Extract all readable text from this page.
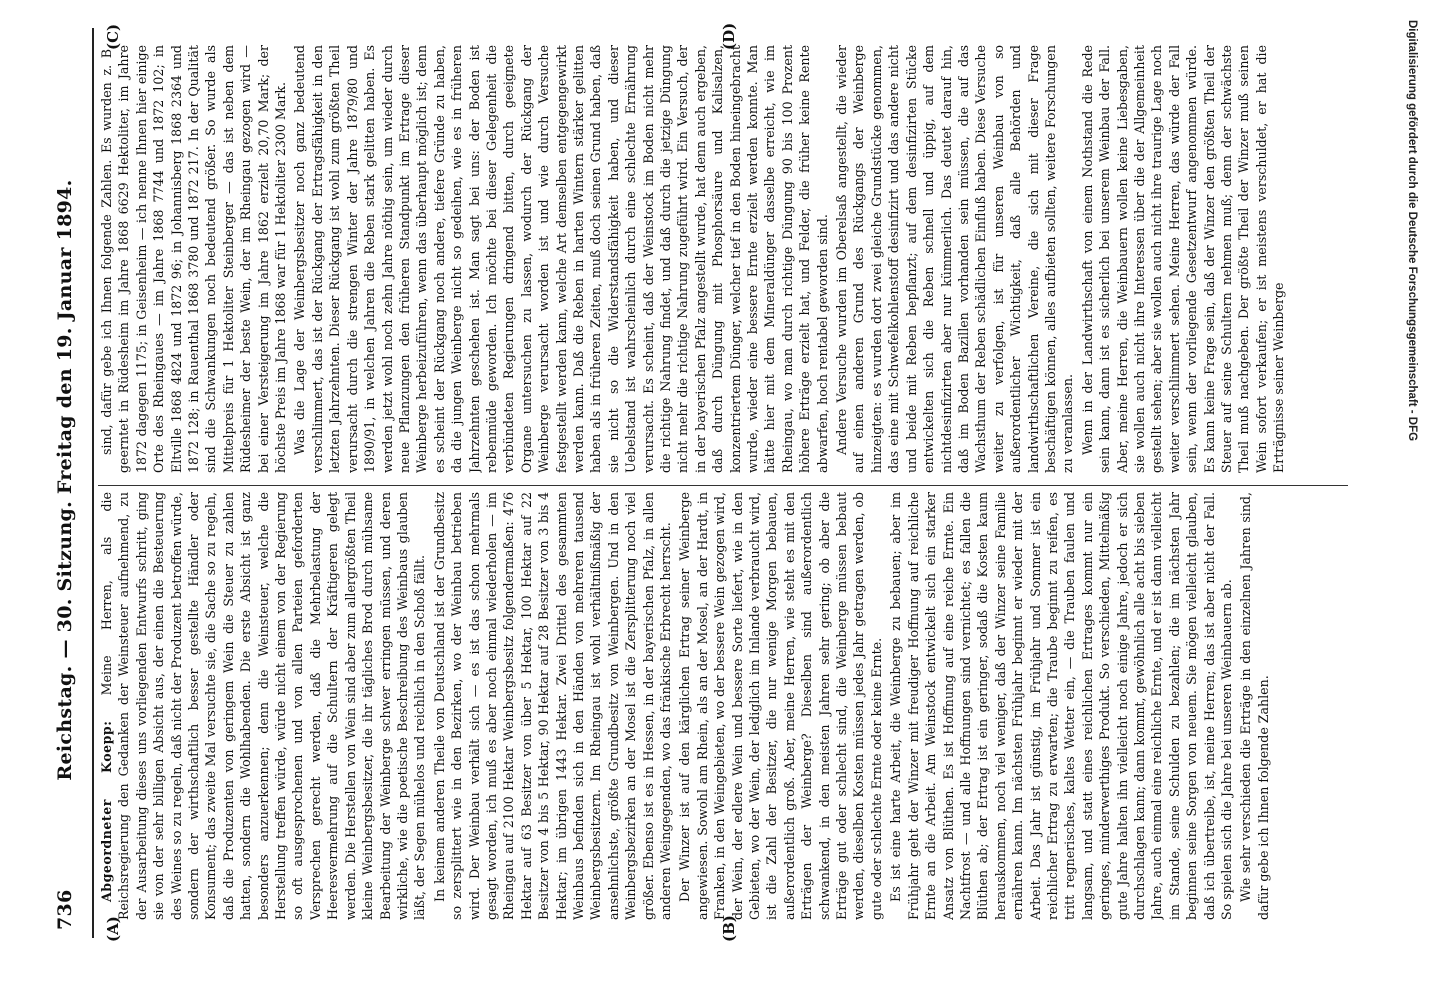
736
Reichstag. — 30. Sitzung. Freitag den 19. Januar 1894.
(A)	(B)
(C)	(D)

Abgeordneter Koepp: Meine Herren, als die Reichsregierung den Gedanken der Weinsteuer aufnehmend, zu der Ausarbeitung dieses uns vorliegenden Entwurfs schritt, ging sie von der sehr billigen Absicht aus, der einen die Besteuerung des Weines so zu regeln, daß nicht der Produzent betroffen würde, sondern der wirthschaftlich besser gestellte Händler oder Konsument; das zweite Mal versuchte sie, die Sache so zu regeln, daß die Produzenten von geringem Wein die Steuer zu zahlen hatten, sondern die Wohlhabenden. Die erste Absicht ist ganz besonders anzuerkennen; denn die Weinsteuer, welche die Herstellung treffen würde, würde nicht einem von der Regierung so oft ausgesprochenen und von allen Parteien geforderten Versprechen gerecht werden, daß die Mehrbelastung der Heeresvermehrung auf die Schultern der Kräftigeren gelegt werden. Die Herstellen von Wein sind aber zum allergrößten Theil kleine Weinbergsbesitzer, die ihr tägliches Brod durch mühsame Bearbeitung der Weinberge schwer erringen müssen, und deren wirkliche, wie die poetische Beschreibung des Weinbaus glauben läßt, der Segen mühelos und reichlich in den Schoß fällt. In keinem anderen Theile von Deutschland ist der Grundbesitz so zersplittert wie in den Bezirken, wo der Weinbau betrieben wird. Der Weinbau verhält sich — es ist das schon mehrmals gesagt worden, ich muß es aber noch einmal wiederholen — im Rheingau auf 2100 Hektar Weinbergsbesitz folgendermaßen: 476 Hektar auf 63 Besitzer von über 5 Hektar, 100 Hektar auf 22 Besitzer von 4 bis 5 Hektar, 90 Hektar auf 28 Besitzer von 3 bis 4 Hektar; im übrigen 1443 Hektar. Zwei Drittel des gesammten Weinbaus befinden sich in den Händen von mehreren tausend Weinbergsbesitzern. Im Rheingau ist wohl verhältnißmäßig der ansehnlichste, größte Grundbesitz von Weinbergen. Und in den Weinbergsbezirken an der Mosel ist die Zersplitterung noch viel größer. Ebenso ist es in Hessen, in der bayerischen Pfalz, in allen anderen Weingegenden, wo das fränkische Erbrecht herrscht. Der Winzer ist auf den kärglichen Ertrag seiner Weinberge angewiesen. Sowohl am Rhein, als an der Mosel, an der Hardt, in Franken, in den Weingebieten, wo der bessere Wein gezogen wird, der Wein, der edlere Wein und bessere Sorte liefert, wie in den Gebieten, wo der Wein, der lediglich im Inlande verbraucht wird, ist die Zahl der Besitzer, die nur wenige Morgen bebauen, außerordentlich groß. Aber, meine Herren, wie steht es mit den Erträgen der Weinberge? Dieselben sind außerordentlich schwankend, in den meisten Jahren sehr gering; ob aber die Erträge gut oder schlecht sind, die Weinberge müssen bebaut werden, dieselben Kosten müssen jedes Jahr getragen werden, ob gute oder schlechte Ernte oder keine Ernte. Es ist eine harte Arbeit, die Weinberge zu bebauen; aber im Frühjahr geht der Winzer mit freudiger Hoffnung auf reichliche Ernte an die Arbeit. Am Weinstock entwickelt sich ein starker Ansatz von Blüthen. Es ist Hoffnung auf eine reiche Ernte. Ein Nachtfrost — und alle Hoffnungen sind vernichtet; es fallen die Blüthen ab; der Ertrag ist ein geringer, sodaß die Kosten kaum herauskommen, noch viel weniger, daß der Winzer seine Familie ernähren kann. Im nächsten Frühjahr beginnt er wieder mit der Arbeit. Das Jahr ist günstig, im Frühjahr und Sommer ist ein reichlicher Ertrag zu erwarten; die Traube beginnt zu reifen, es tritt regnerisches, kaltes Wetter ein, — die Trauben faulen und langsam, und statt eines reichlichen Ertrages kommt nur ein geringes, minderwerthiges Produkt. So verschieden, Mittelmäßig gute Jahre halten ihn vielleicht noch einige Jahre, jedoch er sich durchschlagen kann; dann kommt, gewöhnlich alle acht bis sieben Jahre, auch einmal eine reichliche Ernte, und er ist dann vielleicht im Stande, seine Schulden zu bezahlen; die im nächsten Jahr beginnen seine Sorgen von neuem. Sie mögen vielleicht glauben, daß ich übertreibe, ist, meine Herren; das ist aber nicht der Fall. So spielen sich die Jahre bei unseren Weinbauern ab. Wie sehr verschieden die Erträge in den einzelnen Jahren sind, dafür gebe ich Ihnen folgende Zahlen.

sind, dafür gebe ich Ihnen folgende Zahlen. Es wurden z. B. geerntet in Rüdesheim im Jahre 1868 6629 Hektoliter, im Jahre 1872 dagegen 1175; in Geisenheim — ich nenne Ihnen hier einige Orte des Rheingaues — im Jahre 1868 7744 und 1872 102; in Eltville 1868 4824 und 1872 96; in Johannisberg 1868 2364 und 1872 128; in Rauenthal 1868 3780 und 1872 217. In der Qualität sind die Schwankungen noch bedeutend größer. So wurde als Mittelpreis für 1 Hektoliter Steinberger — das ist neben dem Rüdesheimer der beste Wein, der im Rheingau gezogen wird — bei einer Versteigerung im Jahre 1862 erzielt 20,70 Mark; der höchste Preis im Jahre 1868 war für 1 Hektoliter 2300 Mark. Was die Lage der Weinbergsbesitzer noch ganz bedeutend verschlimmert, das ist der Rückgang der Ertragsfähigkeit in den letzten Jahrzehnten. Dieser Rückgang ist wohl zum größten Theil verursacht durch die strengen Winter der Jahre 1879/80 und 1890/91, in welchen Jahren die Reben stark gelitten haben. Es werden jetzt wohl noch zehn Jahre nöthig sein, um wieder durch neue Pflanzungen den früheren Standpunkt im Ertrage dieser Weinberge herbeizuführen, wenn das überhaupt möglich ist; denn es scheint der Rückgang noch andere, tiefere Gründe zu haben, da die jungen Weinberge nicht so gedeihen, wie es in früheren Jahrzehnten geschehen ist. Man sagt bei uns: der Boden ist rebenmüde geworden. Ich möchte bei dieser Gelegenheit die verbündeten Regierungen dringend bitten, durch geeignete Organe untersuchen zu lassen, wodurch der Rückgang der Weinberge verursacht worden ist und wie durch Versuche festgestellt werden kann, welche Art demselben entgegengewirkt werden kann. Daß die Reben in harten Wintern stärker gelitten haben als in früheren Zeiten, muß doch seinen Grund haben, daß sie nicht so die Widerstandsfähigkeit haben, und dieser Uebelstand ist wahrscheinlich durch eine schlechte Ernährung verursacht. Es scheint, daß der Weinstock im Boden nicht mehr die richtige Nahrung findet, und daß durch die jetzige Düngung nicht mehr die richtige Nahrung zugeführt wird. Ein Versuch, der in der bayerischen Pfalz angestellt wurde, hat denn auch ergeben, daß durch Düngung mit Phosphorsäure und Kalisalzen, konzentriertem Dünger, welcher tief in den Boden hineingebracht wurde, wieder eine bessere Ernte erzielt werden konnte. Man hätte hier mit dem Mineraldünger dasselbe erreicht, wie im Rheingau, wo man durch richtige Düngung 90 bis 100 Prozent höhere Erträge erzielt hat, und Felder, die früher keine Rente abwarfen, hoch rentabel geworden sind. Andere Versuche wurden im Oberelsaß angestellt, die wieder auf einen anderen Grund des Rückgangs der Weinberge hinzeigten: es wurden dort zwei gleiche Grundstücke genommen, das eine mit Schwefelkohlenstoff desinfizirt und das andere nicht und beide mit Reben bepflanzt; auf dem desinfizirten Stücke entwickelten sich die Reben schnell und üppig, auf dem nichtdesinfizirten aber nur kümmerlich. Das deutet darauf hin, daß im Boden Bazillen vorhanden sein müssen, die auf das Wachsthum der Reben schädlichen Einfluß haben. Diese Versuche weiter zu verfolgen, ist für unseren Weinbau von so außerordentlicher Wichtigkeit, daß alle Behörden und landwirthschaftlichen Vereine, die sich mit dieser Frage beschäftigen können, alles aufbieten sollten, weitere Forschungen zu veranlassen. Wenn in der Landwirthschaft von einem Nothstand die Rede sein kann, dann ist es sicherlich bei unserem Weinbau der Fall. Aber, meine Herren, die Weinbauern wollen keine Liebesgaben, sie wollen auch nicht ihre Interessen über die der Allgemeinheit gestellt sehen; aber sie wollen auch nicht ihre traurige Lage noch weiter verschlimmert sehen. Meine Herren, das würde der Fall sein, wenn der vorliegende Gesetzentwurf angenommen würde. Es kann keine Frage sein, daß der Winzer den größten Theil der Steuer auf seine Schultern nehmen muß; denn der schwächste Theil muß nachgeben. Der größte Theil der Winzer muß seinen Wein sofort verkaufen; er ist meistens verschuldet, er hat die Erträgnisse seiner Weinberge	Digitalisierung gefördert durch die Deutsche Forschungsgemeinschaft - DFG
